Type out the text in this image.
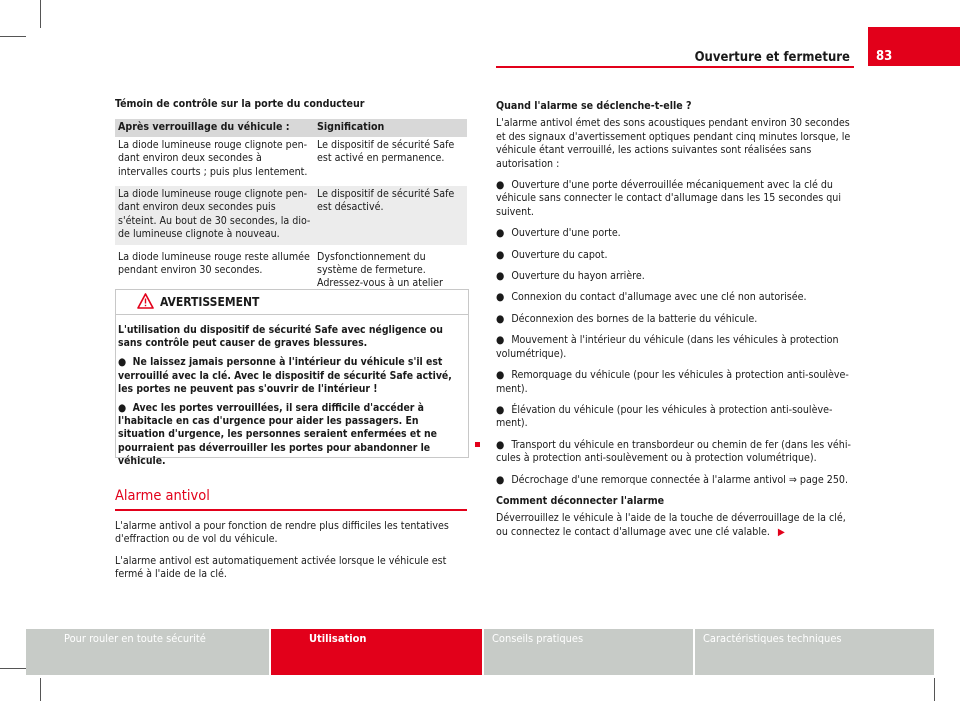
Ouverture et fermeture 83
Témoin de contrôle sur la porte du conducteur
Après verrouillage du véhicule :	Signification
La diode lumineuse rouge clignote pendant environ deux secondes à intervalles courts ; puis plus lentement.	Le dispositif de sécurité Safe est activé en permanence.
La diode lumineuse rouge clignote pendant environ deux secondes puis s'éteint. Au bout de 30 secondes, la diode lumineuse clignote à nouveau.	Le dispositif de sécurité Safe est désactivé.
La diode lumineuse rouge reste allumée pendant environ 30 secondes.	Dysfonctionnement du système de fermeture. Adressez-vous à un atelier
AVERTISSEMENT

L'utilisation du dispositif de sécurité Safe avec négligence ou sans contrôle peut causer de graves blessures.

●  Ne laissez jamais personne à l'intérieur du véhicule s'il est verrouillé avec la clé. Avec le dispositif de sécurité Safe activé, les portes ne peuvent pas s'ouvrir de l'intérieur !

●  Avec les portes verrouillées, il sera difficile d'accéder à l'habitacle en cas d'urgence pour aider les passagers. En situation d'urgence, les personnes seraient enfermées et ne pourraient pas déverrouiller les portes pour abandonner le véhicule.

Alarme antivol

L'alarme antivol a pour fonction de rendre plus difficiles les tentatives d'effraction ou de vol du véhicule.

L'alarme antivol est automatiquement activée lorsque le véhicule est fermé à l'aide de la clé.

Quand l'alarme se déclenche-t-elle ?

L'alarme antivol émet des sons acoustiques pendant environ 30 secondes et des signaux d'avertissement optiques pendant cinq minutes lorsque, le véhicule étant verrouillé, les actions suivantes sont réalisées sans autorisation :

● Ouverture d'une porte déverrouillée mécaniquement avec la clé du véhicule sans connecter le contact d'allumage dans les 15 secondes qui suivent.

● Ouverture d'une porte.

● Ouverture du capot.

● Ouverture du hayon arrière.

● Connexion du contact d'allumage avec une clé non autorisée.

● Déconnexion des bornes de la batterie du véhicule.

● Mouvement à l'intérieur du véhicule (dans les véhicules à protection volumétrique).

● Remorquage du véhicule (pour les véhicules à protection anti-soulèvement).

● Élévation du véhicule (pour les véhicules à protection anti-soulèvement).

● Transport du véhicule en transbordeur ou chemin de fer (dans les véhicules à protection anti-soulèvement ou à protection volumétrique).

● Décrochage d'une remorque connectée à l'alarme antivol ⇒ page 250.

Comment déconnecter l'alarme

Déverrouillez le véhicule à l'aide de la touche de déverrouillage de la clé, ou connectez le contact d'allumage avec une clé valable. ▶

Pour rouler en toute sécurité	Utilisation	Conseils pratiques	Caractéristiques techniques
